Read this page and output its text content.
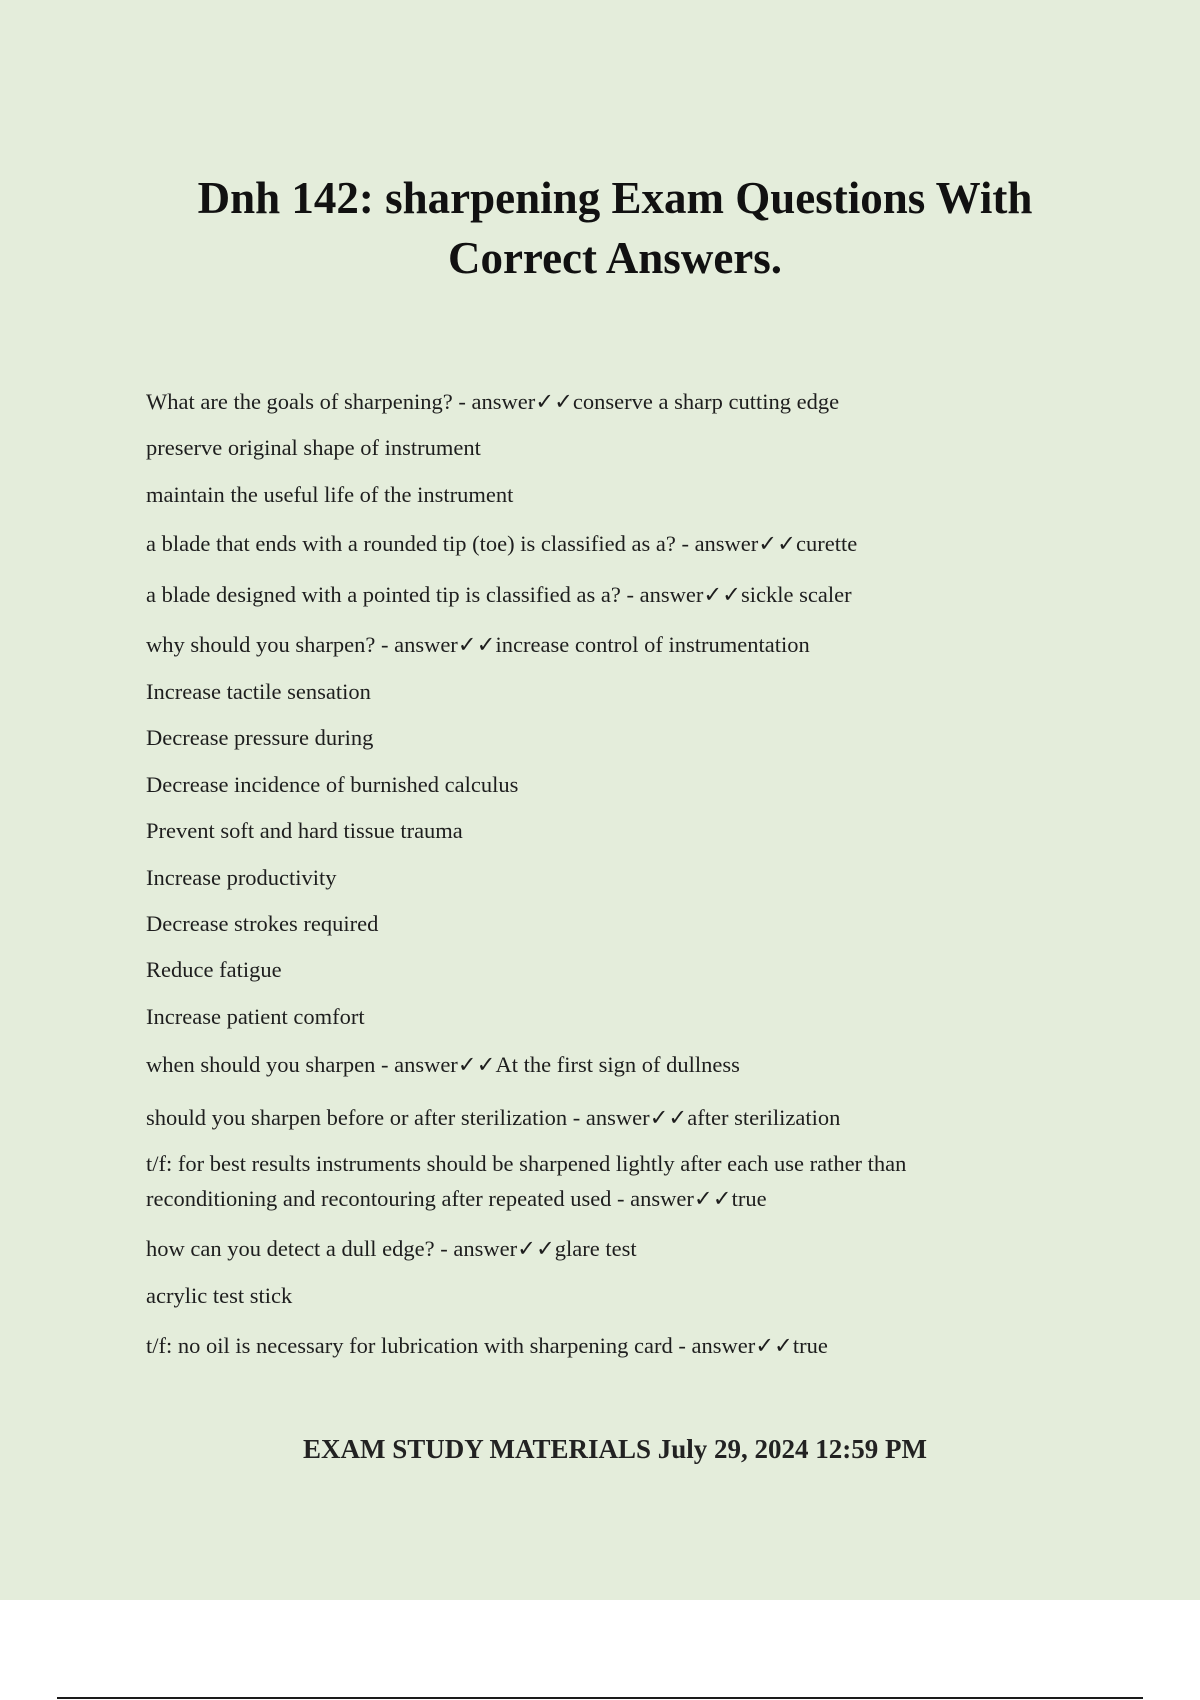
Dnh 142: sharpening Exam Questions With Correct Answers.

What are the goals of sharpening? - answer✓✓conserve a sharp cutting edge

preserve original shape of instrument

maintain the useful life of the instrument

a blade that ends with a rounded tip (toe) is classified as a? - answer✓✓curette

a blade designed with a pointed tip is classified as a? - answer✓✓sickle scaler

why should you sharpen? - answer✓✓increase control of instrumentation

Increase tactile sensation

Decrease pressure during

Decrease incidence of burnished calculus

Prevent soft and hard tissue trauma

Increase productivity

Decrease strokes required

Reduce fatigue

Increase patient comfort

when should you sharpen - answer✓✓At the first sign of dullness

should you sharpen before or after sterilization - answer✓✓after sterilization

t/f: for best results instruments should be sharpened lightly after each use rather than reconditioning and recontouring after repeated used - answer✓✓true

how can you detect a dull edge? - answer✓✓glare test

acrylic test stick

t/f: no oil is necessary for lubrication with sharpening card - answer✓✓true

EXAM STUDY MATERIALS July 29, 2024 12:59 PM
